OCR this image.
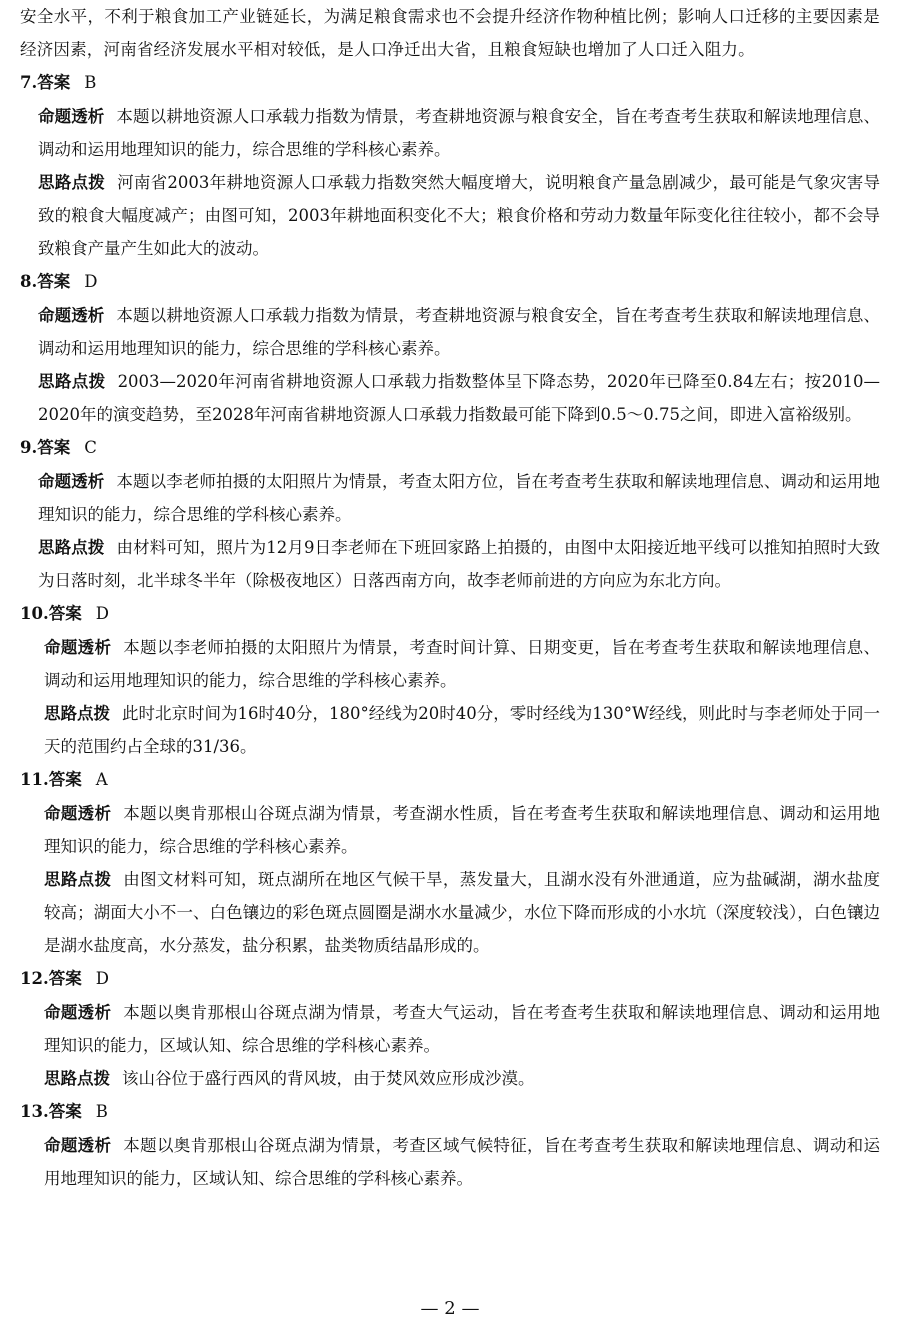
安全水平，不利于粮食加工产业链延长，为满足粮食需求也不会提升经济作物种植比例；影响人口迁移的主要因素是经济因素，河南省经济发展水平相对较低，是人口净迁出大省，且粮食短缺也增加了人口迁入阻力。

7.答案 B

命题透析 本题以耕地资源人口承载力指数为情景，考查耕地资源与粮食安全，旨在考查考生获取和解读地理信息、调动和运用地理知识的能力，综合思维的学科核心素养。

思路点拨 河南省2003年耕地资源人口承载力指数突然大幅度增大，说明粮食产量急剧减少，最可能是气象灾害导致的粮食大幅度减产；由图可知，2003年耕地面积变化不大；粮食价格和劳动力数量年际变化往往较小，都不会导致粮食产量产生如此大的波动。

8.答案 D

命题透析 本题以耕地资源人口承载力指数为情景，考查耕地资源与粮食安全，旨在考查考生获取和解读地理信息、调动和运用地理知识的能力，综合思维的学科核心素养。

思路点拨 2003—2020年河南省耕地资源人口承载力指数整体呈下降态势，2020年已降至0.84左右；按2010—2020年的演变趋势，至2028年河南省耕地资源人口承载力指数最可能下降到0.5～0.75之间，即进入富裕级别。

9.答案 C

命题透析 本题以李老师拍摄的太阳照片为情景，考查太阳方位，旨在考查考生获取和解读地理信息、调动和运用地理知识的能力，综合思维的学科核心素养。

思路点拨 由材料可知，照片为12月9日李老师在下班回家路上拍摄的，由图中太阳接近地平线可以推知拍照时大致为日落时刻，北半球冬半年（除极夜地区）日落西南方向，故李老师前进的方向应为东北方向。

10.答案 D

命题透析 本题以李老师拍摄的太阳照片为情景，考查时间计算、日期变更，旨在考查考生获取和解读地理信息、调动和运用地理知识的能力，综合思维的学科核心素养。

思路点拨 此时北京时间为16时40分，180°经线为20时40分，零时经线为130°W经线，则此时与李老师处于同一天的范围约占全球的31/36。

11.答案 A

命题透析 本题以奥肯那根山谷斑点湖为情景，考查湖水性质，旨在考查考生获取和解读地理信息、调动和运用地理知识的能力，综合思维的学科核心素养。

思路点拨 由图文材料可知，斑点湖所在地区气候干旱，蒸发量大，且湖水没有外泄通道，应为盐碱湖，湖水盐度较高；湖面大小不一、白色镶边的彩色斑点圆圈是湖水水量减少，水位下降而形成的小水坑（深度较浅），白色镶边是湖水盐度高，水分蒸发，盐分积累，盐类物质结晶形成的。

12.答案 D

命题透析 本题以奥肯那根山谷斑点湖为情景，考查大气运动，旨在考查考生获取和解读地理信息、调动和运用地理知识的能力，区域认知、综合思维的学科核心素养。

思路点拨 该山谷位于盛行西风的背风坡，由于焚风效应形成沙漠。

13.答案 B

命题透析 本题以奥肯那根山谷斑点湖为情景，考查区域气候特征，旨在考查考生获取和解读地理信息、调动和运用地理知识的能力，区域认知、综合思维的学科核心素养。

— 2 —
